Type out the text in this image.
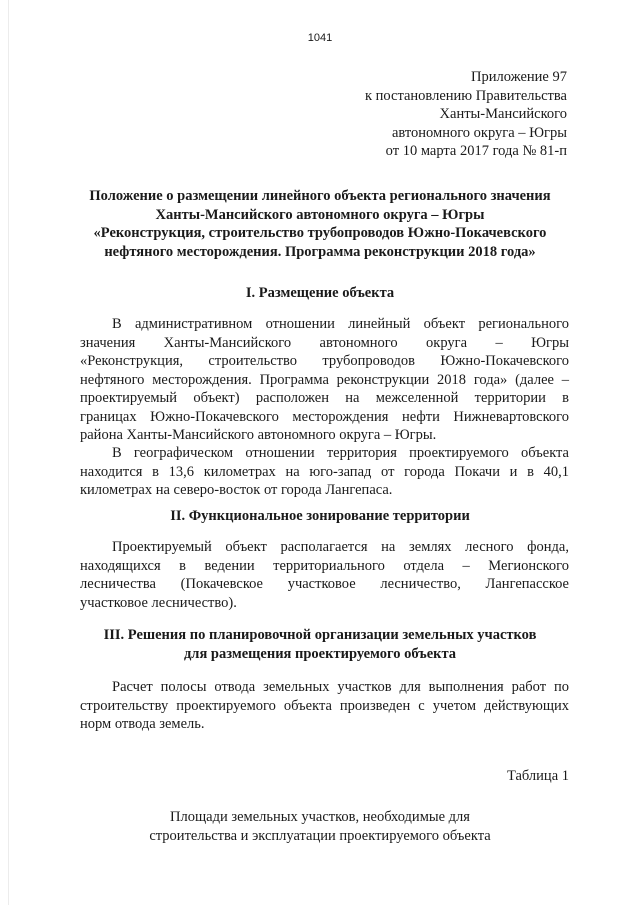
1041
Приложение 97
к постановлению Правительства
Ханты-Мансийского
автономного округа – Югры
от 10 марта 2017 года № 81-п
Положение о размещении линейного объекта регионального значения
Ханты-Мансийского автономного округа – Югры
«Реконструкция, строительство трубопроводов Южно-Покачевского
нефтяного месторождения. Программа реконструкции 2018 года»
I. Размещение объекта
В административном отношении линейный объект регионального
значения Ханты-Мансийского автономного округа – Югры
«Реконструкция, строительство трубопроводов Южно-Покачевского
нефтяного месторождения. Программа реконструкции 2018 года» (далее –
проектируемый объект) расположен на межселенной территории в
границах Южно-Покачевского месторождения нефти Нижневартовского
района Ханты-Мансийского автономного округа – Югры.
В географическом отношении территория проектируемого объекта
находится в 13,6 километрах на юго-запад от города Покачи и в 40,1
километрах на северо-восток от города Лангепаса.
II. Функциональное зонирование территории
Проектируемый объект располагается на землях лесного фонда,
находящихся в ведении территориального отдела – Мегионского
лесничества (Покачевское участковое лесничество, Лангепасское
участковое лесничество).
III. Решения по планировочной организации земельных участков
для размещения проектируемого объекта
Расчет полосы отвода земельных участков для выполнения работ по
строительству проектируемого объекта произведен с учетом действующих
норм отвода земель.
Таблица 1
Площади земельных участков, необходимые для
строительства и эксплуатации проектируемого объекта
